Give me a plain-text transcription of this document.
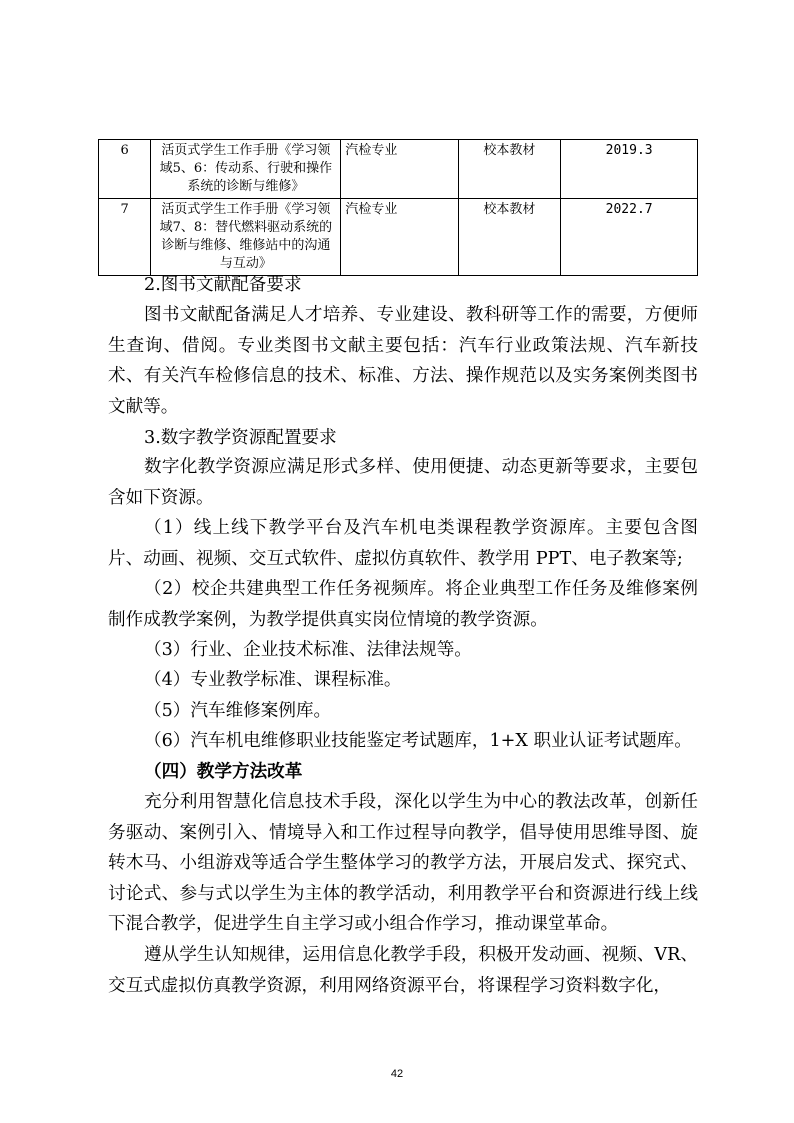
6	活页式学生工作手册《学习领域5、6：传动系、行驶和操作系统的诊断与维修》	汽检专业	校本教材	2019.3
7	活页式学生工作手册《学习领域7、8：替代燃料驱动系统的诊断与维修、维修站中的沟通与互动》	汽检专业	校本教材	2022.7

2.图书文献配备要求

图书文献配备满足人才培养、专业建设、教科研等工作的需要，方便师生查询、借阅。专业类图书文献主要包括：汽车行业政策法规、汽车新技术、有关汽车检修信息的技术、标准、方法、操作规范以及实务案例类图书文献等。

3.数字教学资源配置要求

数字化教学资源应满足形式多样、使用便捷、动态更新等要求，主要包含如下资源。

（1）线上线下教学平台及汽车机电类课程教学资源库。主要包含图片、动画、视频、交互式软件、虚拟仿真软件、教学用 PPT、电子教案等;

（2）校企共建典型工作任务视频库。将企业典型工作任务及维修案例制作成教学案例，为教学提供真实岗位情境的教学资源。

（3）行业、企业技术标准、法律法规等。

（4）专业教学标准、课程标准。

（5）汽车维修案例库。

（6）汽车机电维修职业技能鉴定考试题库，1+X 职业认证考试题库。

（四）教学方法改革

充分利用智慧化信息技术手段，深化以学生为中心的教法改革，创新任务驱动、案例引入、情境导入和工作过程导向教学，倡导使用思维导图、旋转木马、小组游戏等适合学生整体学习的教学方法，开展启发式、探究式、讨论式、参与式以学生为主体的教学活动，利用教学平台和资源进行线上线下混合教学，促进学生自主学习或小组合作学习，推动课堂革命。

遵从学生认知规律，运用信息化教学手段，积极开发动画、视频、VR、交互式虚拟仿真教学资源，利用网络资源平台，将课程学习资料数字化，

42
